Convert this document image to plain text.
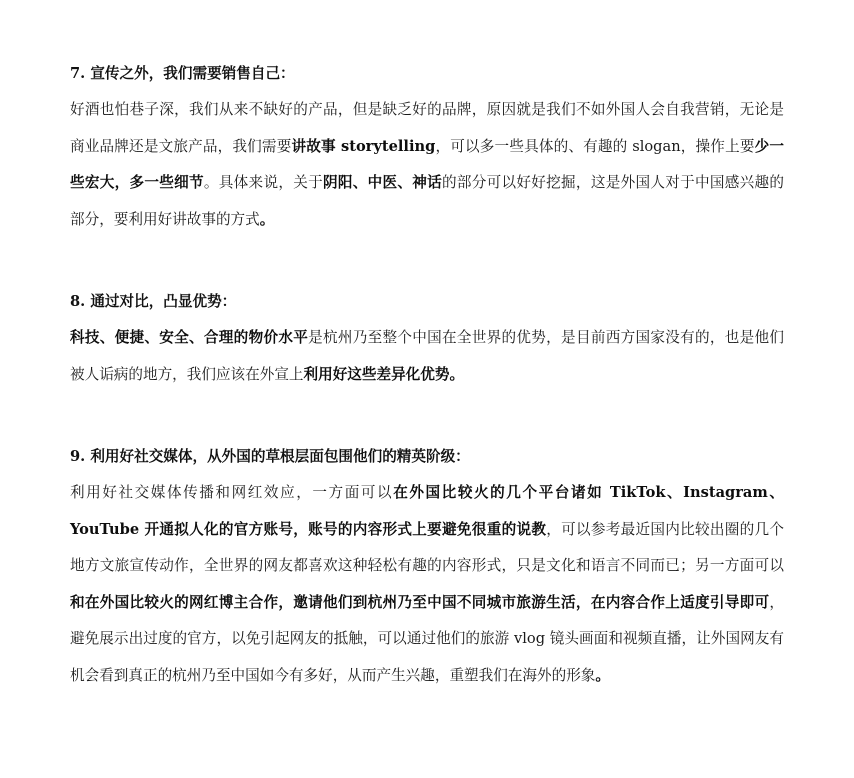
7. 宣传之外，我们需要销售自己：

好酒也怕巷子深，我们从来不缺好的产品，但是缺乏好的品牌，原因就是我们不如外国人会自我营销，无论是商业品牌还是文旅产品，我们需要讲故事 storytelling，可以多一些具体的、有趣的 slogan，操作上要少一些宏大，多一些细节。具体来说，关于阴阳、中医、神话的部分可以好好挖掘，这是外国人对于中国感兴趣的部分，要利用好讲故事的方式。

8. 通过对比，凸显优势：

科技、便捷、安全、合理的物价水平是杭州乃至整个中国在全世界的优势，是目前西方国家没有的，也是他们被人诟病的地方，我们应该在外宣上利用好这些差异化优势。

9. 利用好社交媒体，从外国的草根层面包围他们的精英阶级：

利用好社交媒体传播和网红效应，一方面可以在外国比较火的几个平台诸如 TikTok、Instagram、YouTube 开通拟人化的官方账号，账号的内容形式上要避免很重的说教，可以参考最近国内比较出圈的几个地方文旅宣传动作，全世界的网友都喜欢这种轻松有趣的内容形式，只是文化和语言不同而已；另一方面可以和在外国比较火的网红博主合作，邀请他们到杭州乃至中国不同城市旅游生活，在内容合作上适度引导即可，避免展示出过度的官方，以免引起网友的抵触，可以通过他们的旅游 vlog 镜头画面和视频直播，让外国网友有机会看到真正的杭州乃至中国如今有多好，从而产生兴趣，重塑我们在海外的形象。
